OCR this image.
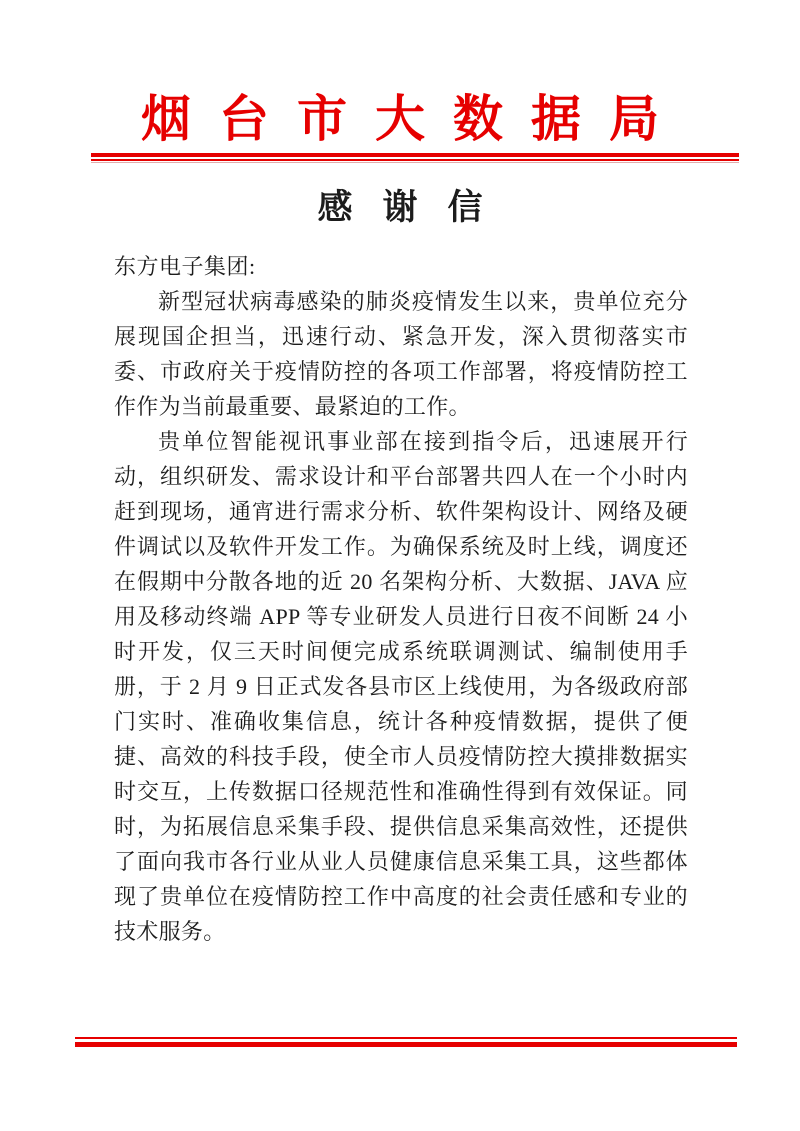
烟台市大数据局
感谢信
东方电子集团:

新型冠状病毒感染的肺炎疫情发生以来，贵单位充分展现国企担当，迅速行动、紧急开发，深入贯彻落实市委、市政府关于疫情防控的各项工作部署，将疫情防控工作作为当前最重要、最紧迫的工作。

贵单位智能视讯事业部在接到指令后，迅速展开行动，组织研发、需求设计和平台部署共四人在一个小时内赶到现场，通宵进行需求分析、软件架构设计、网络及硬件调试以及软件开发工作。为确保系统及时上线，调度还在假期中分散各地的近 20 名架构分析、大数据、JAVA 应用及移动终端 APP 等专业研发人员进行日夜不间断 24 小时开发，仅三天时间便完成系统联调测试、编制使用手册，于 2 月 9 日正式发各县市区上线使用，为各级政府部门实时、准确收集信息，统计各种疫情数据，提供了便捷、高效的科技手段，使全市人员疫情防控大摸排数据实时交互，上传数据口径规范性和准确性得到有效保证。同时，为拓展信息采集手段、提供信息采集高效性，还提供了面向我市各行业从业人员健康信息采集工具，这些都体现了贵单位在疫情防控工作中高度的社会责任感和专业的技术服务。
